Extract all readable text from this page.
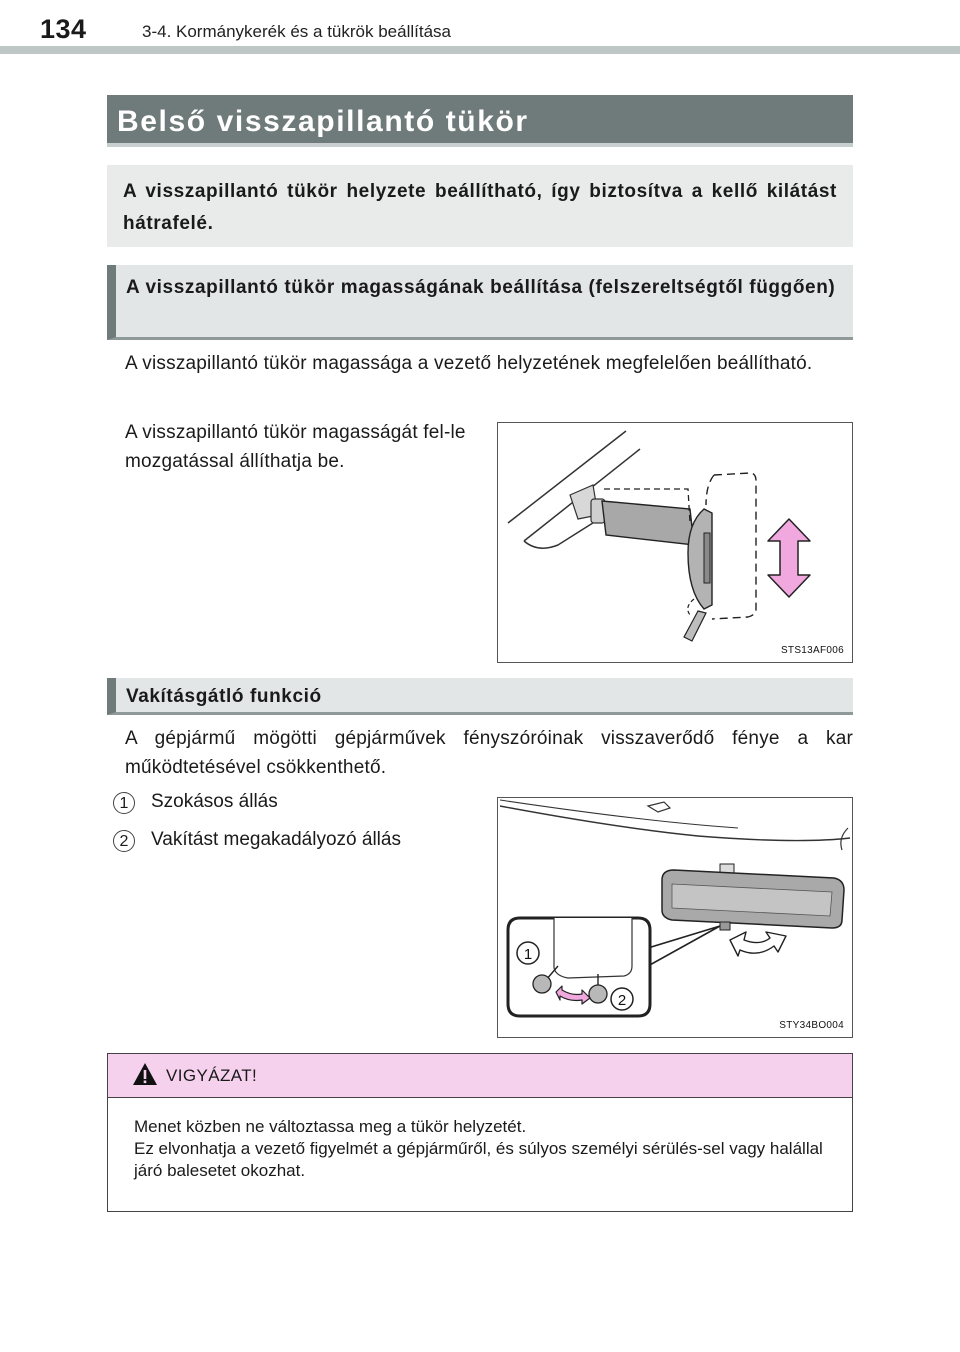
134	3-4. Kormánykerék és a tükrök beállítása
Belső visszapillantó tükör
A visszapillantó tükör helyzete beállítható, így biztosítva a kellő kilátást hátrafelé.
A visszapillantó tükör magasságának beállítása (felszereltségtől függően)
A visszapillantó tükör magassága a vezető helyzetének megfelelően beállítható.
A visszapillantó tükör magasságát fel-le mozgatással állíthatja be.
STS13AF006
Vakításgátló funkció
A gépjármű mögötti gépjárművek fényszóróinak visszaverődő fénye a kar működtetésével csökkenthető.
1 Szokásos állás
2 Vakítást megakadályozó állás
1
2
STY34BO004
VIGYÁZAT!
Menet közben ne változtassa meg a tükör helyzetét.
Ez elvonhatja a vezető figyelmét a gépjárműről, és súlyos személyi sérülés-sel vagy halállal járó balesetet okozhat.
